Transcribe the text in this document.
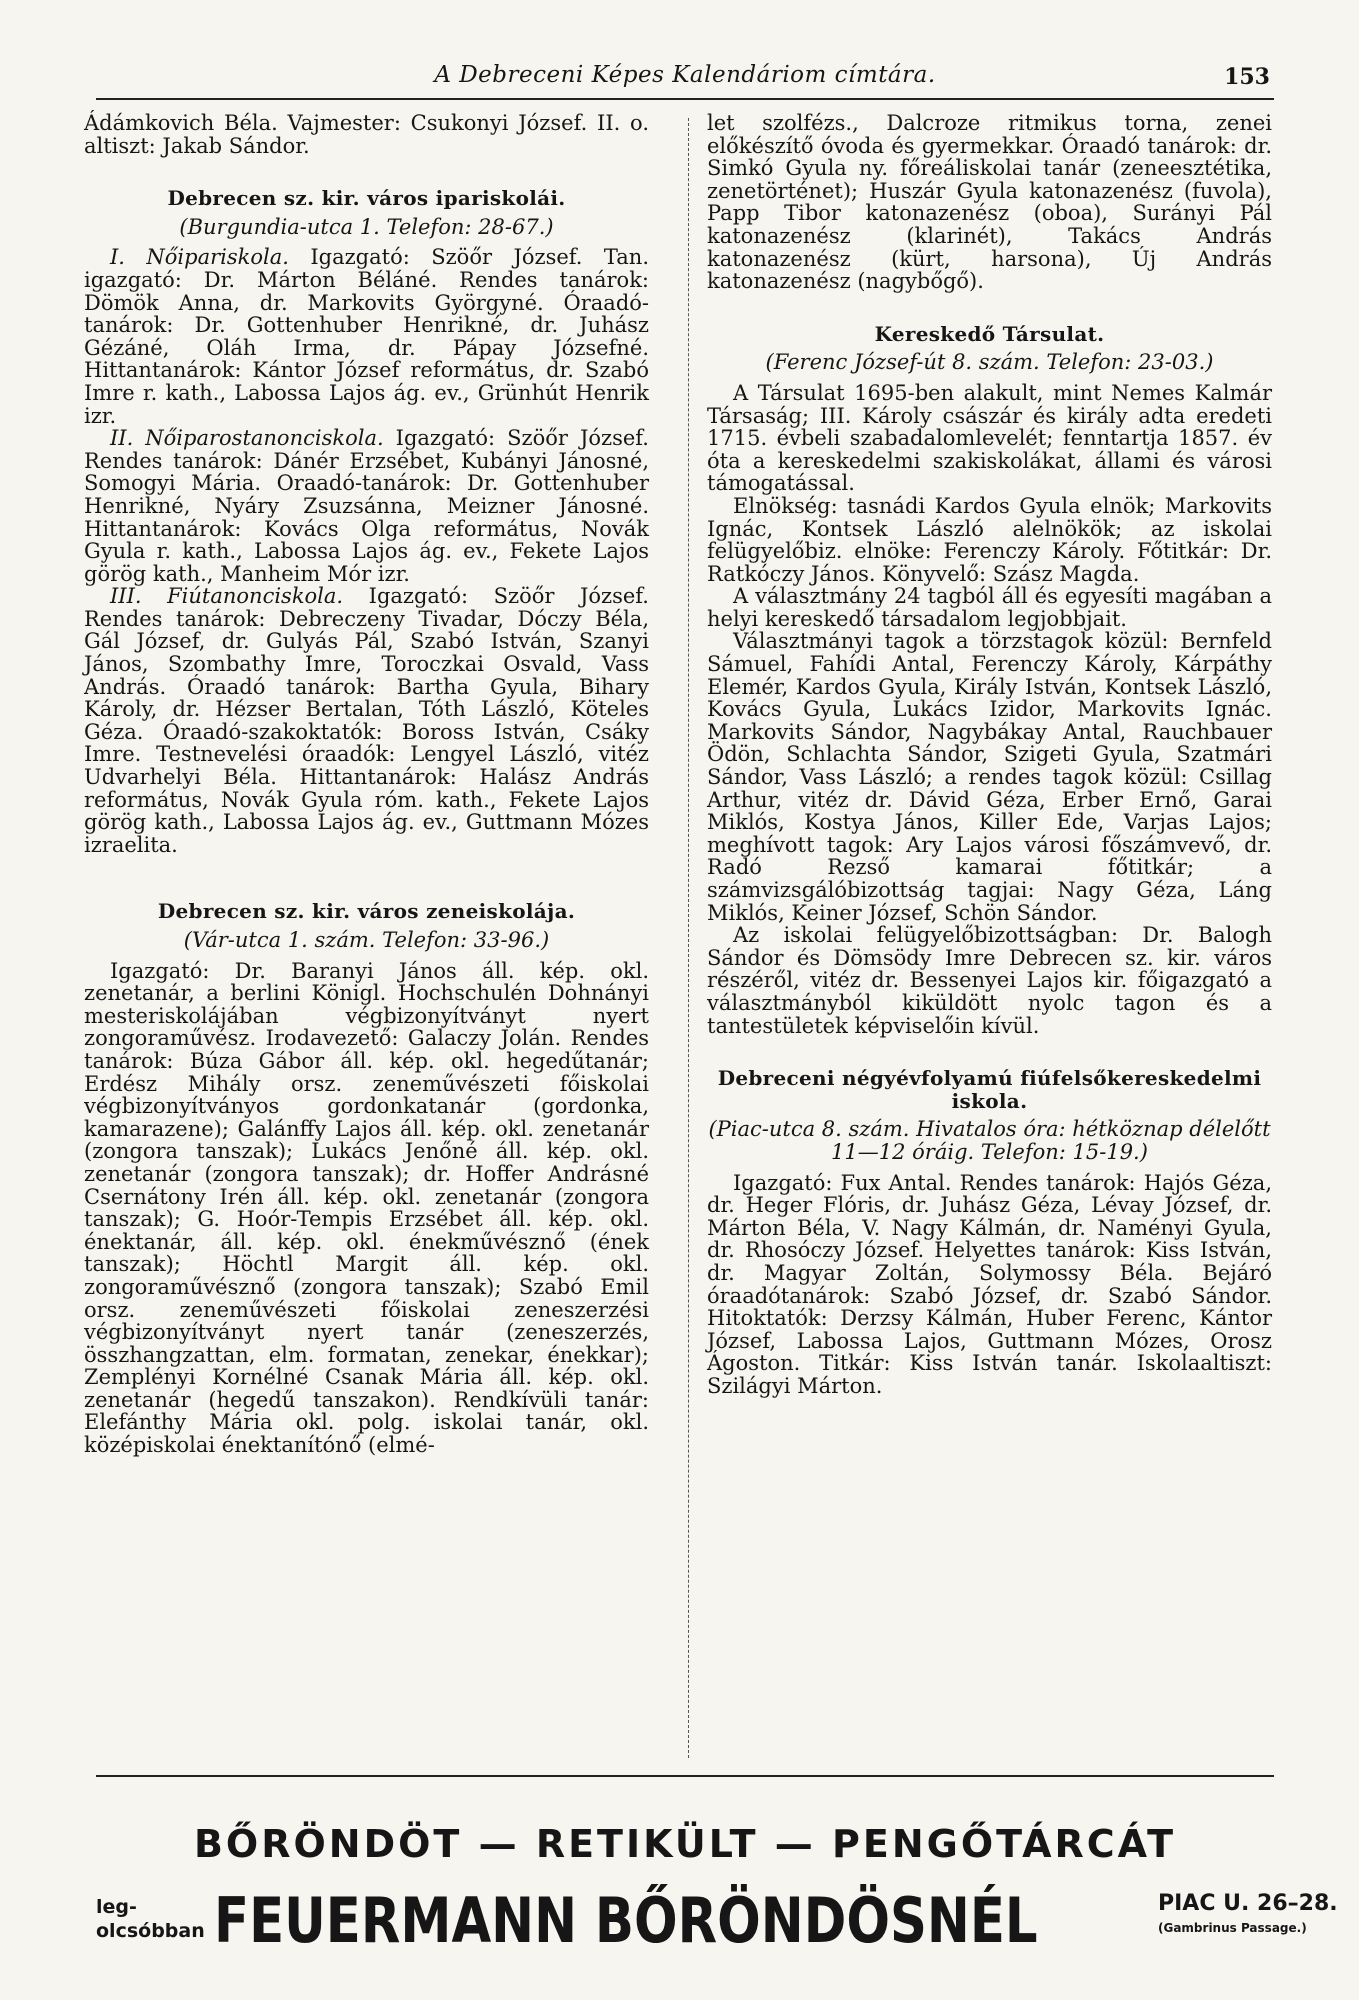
A Debreceni Képes Kalendáriom címtára.	153

Ádámkovich Béla. Vajmester: Csukonyi József. II. o. altiszt: Jakab Sándor.

Debrecen sz. kir. város ipariskolái.
(Burgundia-utca 1. Telefon: 28-67.)

I. Nőipariskola. Igazgató: Szöőr József. Tan. igazgató: Dr. Márton Béláné. Rendes tanárok: Dömök Anna, dr. Markovits Györgyné. Óraadó-tanárok: Dr. Gottenhuber Henrikné, dr. Juhász Gézáné, Oláh Irma, dr. Pápay Józsefné. Hittantanárok: Kántor József református, dr. Szabó Imre r. kath., Labossa Lajos ág. ev., Grünhút Henrik izr.

II. Nőiparostanonciskola. Igazgató: Szöőr József. Rendes tanárok: Dánér Erzsébet, Kubányi Jánosné, Somogyi Mária. Oraadó-tanárok: Dr. Gottenhuber Henrikné, Nyáry Zsuzsánna, Meizner Jánosné. Hittantanárok: Kovács Olga református, Novák Gyula r. kath., Labossa Lajos ág. ev., Fekete Lajos görög kath., Manheim Mór izr.

III. Fiútanonciskola. Igazgató: Szöőr József. Rendes tanárok: Debreczeny Tivadar, Dóczy Béla, Gál József, dr. Gulyás Pál, Szabó István, Szanyi János, Szombathy Imre, Toroczkai Osvald, Vass András. Óraadó tanárok: Bartha Gyula, Bihary Károly, dr. Hézser Bertalan, Tóth László, Köteles Géza. Óraadó-szakoktatók: Boross István, Csáky Imre. Testnevelési óraadók: Lengyel László, vitéz Udvarhelyi Béla. Hittantanárok: Halász András református, Novák Gyula róm. kath., Fekete Lajos görög kath., Labossa Lajos ág. ev., Guttmann Mózes izraelita.

Debrecen sz. kir. város zeneiskolája.
(Vár-utca 1. szám. Telefon: 33-96.)

Igazgató: Dr. Baranyi János áll. kép. okl. zenetanár, a berlini Königl. Hochschulén Dohnányi mesteriskolájában végbizonyítványt nyert zongoraművész. Irodavezető: Galaczy Jolán. Rendes tanárok: Búza Gábor áll. kép. okl. hegedűtanár; Erdész Mihály orsz. zeneművészeti főiskolai végbizonyítványos gordonkatanár (gordonka, kamarazene); Galánffy Lajos áll. kép. okl. zenetanár (zongora tanszak); Lukács Jenőné áll. kép. okl. zenetanár (zongora tanszak); dr. Hoffer Andrásné Csernátony Irén áll. kép. okl. zenetanár (zongora tanszak); G. Hoór-Tempis Erzsébet áll. kép. okl. énektanár, áll. kép. okl. énekművésznő (ének tanszak); Höchtl Margit áll. kép. okl. zongoraművésznő (zongora tanszak); Szabó Emil orsz. zeneművészeti főiskolai zeneszerzési végbizonyítványt nyert tanár (zeneszerzés, összhangzattan, elm. formatan, zenekar, énekkar); Zemplényi Kornélné Csanak Mária áll. kép. okl. zenetanár (hegedű tanszakon). Rendkívüli tanár: Elefánthy Mária okl. polg. iskolai tanár, okl. középiskolai énektanítónő (elmé-

let szolfézs., Dalcroze ritmikus torna, zenei előkészítő óvoda és gyermekkar. Óraadó tanárok: dr. Simkó Gyula ny. főreáliskolai tanár (zeneesztétika, zenetörténet); Huszár Gyula katonazenész (fuvola), Papp Tibor katonazenész (oboa), Surányi Pál katonazenész (klarinét), Takács András katonazenész (kürt, harsona), Új András katonazenész (nagybőgő).

Kereskedő Társulat.
(Ferenc József-út 8. szám. Telefon: 23-03.)

A Társulat 1695-ben alakult, mint Nemes Kalmár Társaság; III. Károly császár és király adta eredeti 1715. évbeli szabadalomlevelét; fenntartja 1857. év óta a kereskedelmi szakiskolákat, állami és városi támogatással.

Elnökség: tasnádi Kardos Gyula elnök; Markovits Ignác, Kontsek László alelnökök; az iskolai felügyelőbiz. elnöke: Ferenczy Károly. Főtitkár: Dr. Ratkóczy János. Könyvelő: Szász Magda.

A választmány 24 tagból áll és egyesíti magában a helyi kereskedő társadalom legjobbjait.

Választmányi tagok a törzstagok közül: Bernfeld Sámuel, Fahídi Antal, Ferenczy Károly, Kárpáthy Elemér, Kardos Gyula, Király István, Kontsek László, Kovács Gyula, Lukács Izidor, Markovits Ignác. Markovits Sándor, Nagybákay Antal, Rauchbauer Ödön, Schlachta Sándor, Szigeti Gyula, Szatmári Sándor, Vass László; a rendes tagok közül: Csillag Arthur, vitéz dr. Dávid Géza, Erber Ernő, Garai Miklós, Kostya János, Killer Ede, Varjas Lajos; meghívott tagok: Ary Lajos városi főszámvevő, dr. Radó Rezső kamarai főtitkár; a számvizsgálóbizottság tagjai: Nagy Géza, Láng Miklós, Keiner József, Schön Sándor.

Az iskolai felügyelőbizottságban: Dr. Balogh Sándor és Dömsödy Imre Debrecen sz. kir. város részéről, vitéz dr. Bessenyei Lajos kir. főigazgató a választmányból kiküldött nyolc tagon és a tantestületek képviselőin kívül.

Debreceni négyévfolyamú fiúfelsőkereskedelmi iskola.
(Piac-utca 8. szám. Hivatalos óra: hétköznap délelőtt 11—12 óráig. Telefon: 15-19.)

Igazgató: Fux Antal. Rendes tanárok: Hajós Géza, dr. Heger Flóris, dr. Juhász Géza, Lévay József, dr. Márton Béla, V. Nagy Kálmán, dr. Naményi Gyula, dr. Rhosóczy József. Helyettes tanárok: Kiss István, dr. Magyar Zoltán, Solymossy Béla. Bejáró óraadótanárok: Szabó József, dr. Szabó Sándor. Hitoktatók: Derzsy Kálmán, Huber Ferenc, Kántor József, Labossa Lajos, Guttmann Mózes, Orosz Ágoston. Titkár: Kiss István tanár. Iskolaaltiszt: Szilágyi Márton.

BŐRÖNDÖT — RETIKÜLT — PENGŐTÁRCÁT
leg-
olcsóbban FEUERMANN BŐRÖNDÖSNÉL	PIAC U. 26–28.
(Gambrinus Passage.)
